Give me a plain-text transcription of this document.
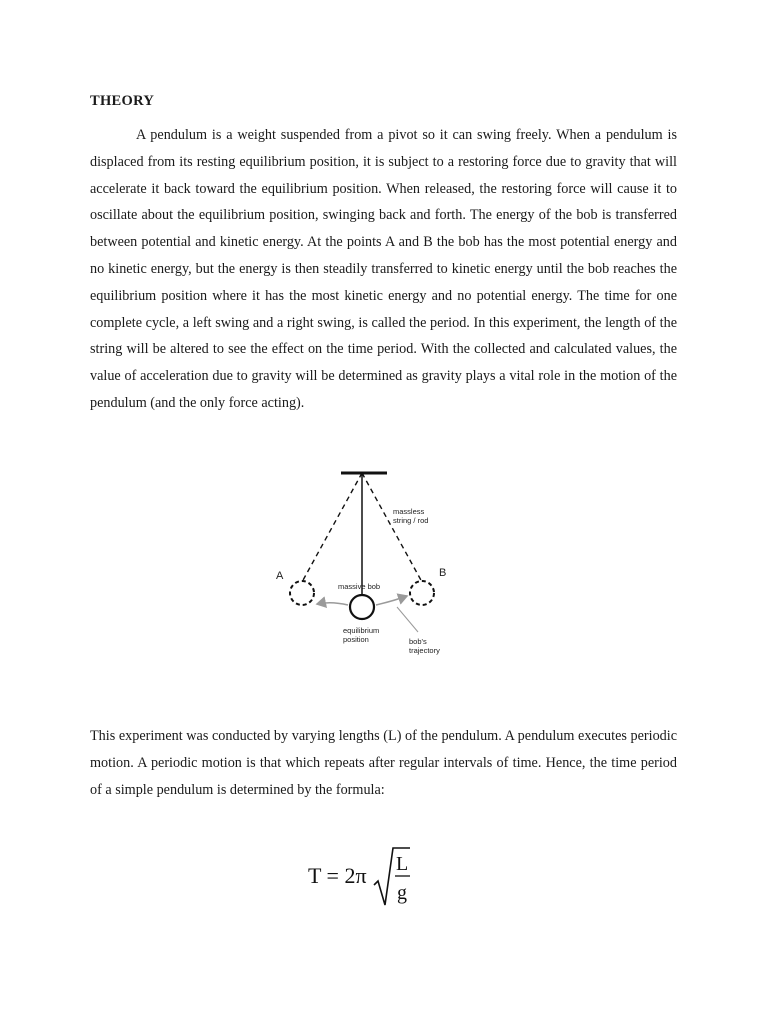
THEORY

A pendulum is a weight suspended from a pivot so it can swing freely. When a pendulum is displaced from its resting equilibrium position, it is subject to a restoring force due to gravity that will accelerate it back toward the equilibrium position. When released, the restoring force will cause it to oscillate about the equilibrium position, swinging back and forth. The energy of the bob is transferred between potential and kinetic energy. At the points A and B the bob has the most potential energy and no kinetic energy, but the energy is then steadily transferred to kinetic energy until the bob reaches the equilibrium position where it has the most kinetic energy and no potential energy. The time for one complete cycle, a left swing and a right swing, is called the period. In this experiment, the length of the string will be altered to see the effect on the time period. With the collected and calculated values, the value of acceleration due to gravity will be determined as gravity plays a vital role in the motion of the pendulum (and the only force acting).

A	B
massless
string / rod
massive bob
equilibrium
position	bob's
trajectory

This experiment was conducted by varying lengths (L) of the pendulum. A pendulum executes periodic motion. A periodic motion is that which repeats after regular intervals of time. Hence, the time period of a simple pendulum is determined by the formula:

T = 2π L
g
